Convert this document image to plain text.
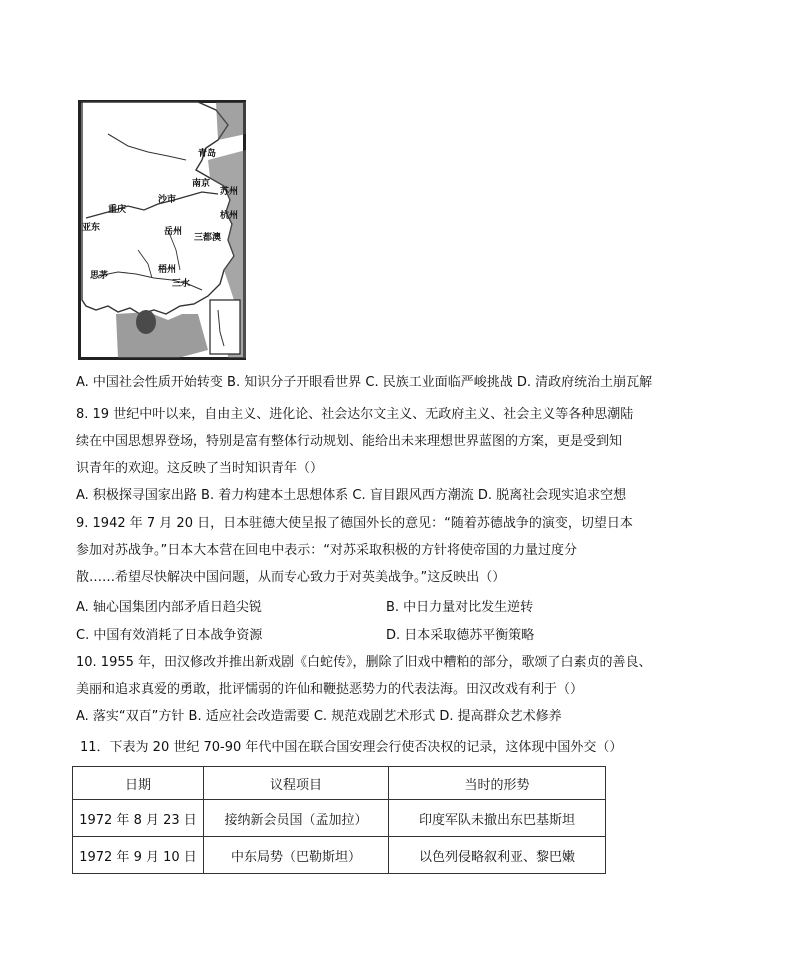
青岛
南京
苏州
沙市
重庆
杭州
亚东	岳州
三都澳
思茅
梧州
三水
A. 中国社会性质开始转变 B. 知识分子开眼看世界 C. 民族工业面临严峻挑战 D. 清政府统治土崩瓦解
8. 19 世纪中叶以来，自由主义、进化论、社会达尔文主义、无政府主义、社会主义等各种思潮陆
续在中国思想界登场，特别是富有整体行动规划、能给出未来理想世界蓝图的方案，更是受到知
识青年的欢迎。这反映了当时知识青年（）
A. 积极探寻国家出路 B. 着力构建本土思想体系 C. 盲目跟风西方潮流 D. 脱离社会现实追求空想
9. 1942 年 7 月 20 日，日本驻德大使呈报了德国外长的意见：“随着苏德战争的演变，切望日本
参加对苏战争。”日本大本营在回电中表示：“对苏采取积极的方针将使帝国的力量过度分
散……希望尽快解决中国问题，从而专心致力于对英美战争。”这反映出（）
A. 轴心国集团内部矛盾日趋尖锐	B. 中日力量对比发生逆转
C. 中国有效消耗了日本战争资源	D. 日本采取德苏平衡策略
10. 1955 年，田汉修改并推出新戏剧《白蛇传》，删除了旧戏中糟粕的部分，歌颂了白素贞的善良、
美丽和追求真爱的勇敢，批评懦弱的许仙和鞭挞恶势力的代表法海。田汉改戏有利于（）
A. 落实“双百”方针 B. 适应社会改造需要 C. 规范戏剧艺术形式 D. 提高群众艺术修养
11．下表为 20 世纪 70-90 年代中国在联合国安理会行使否决权的记录，这体现中国外交（）
日期	议程项目	当时的形势
1972 年 8 月 23 日	接纳新会员国（孟加拉）	印度军队未撤出东巴基斯坦
1972 年 9 月 10 日	中东局势（巴勒斯坦）	以色列侵略叙利亚、黎巴嫩
